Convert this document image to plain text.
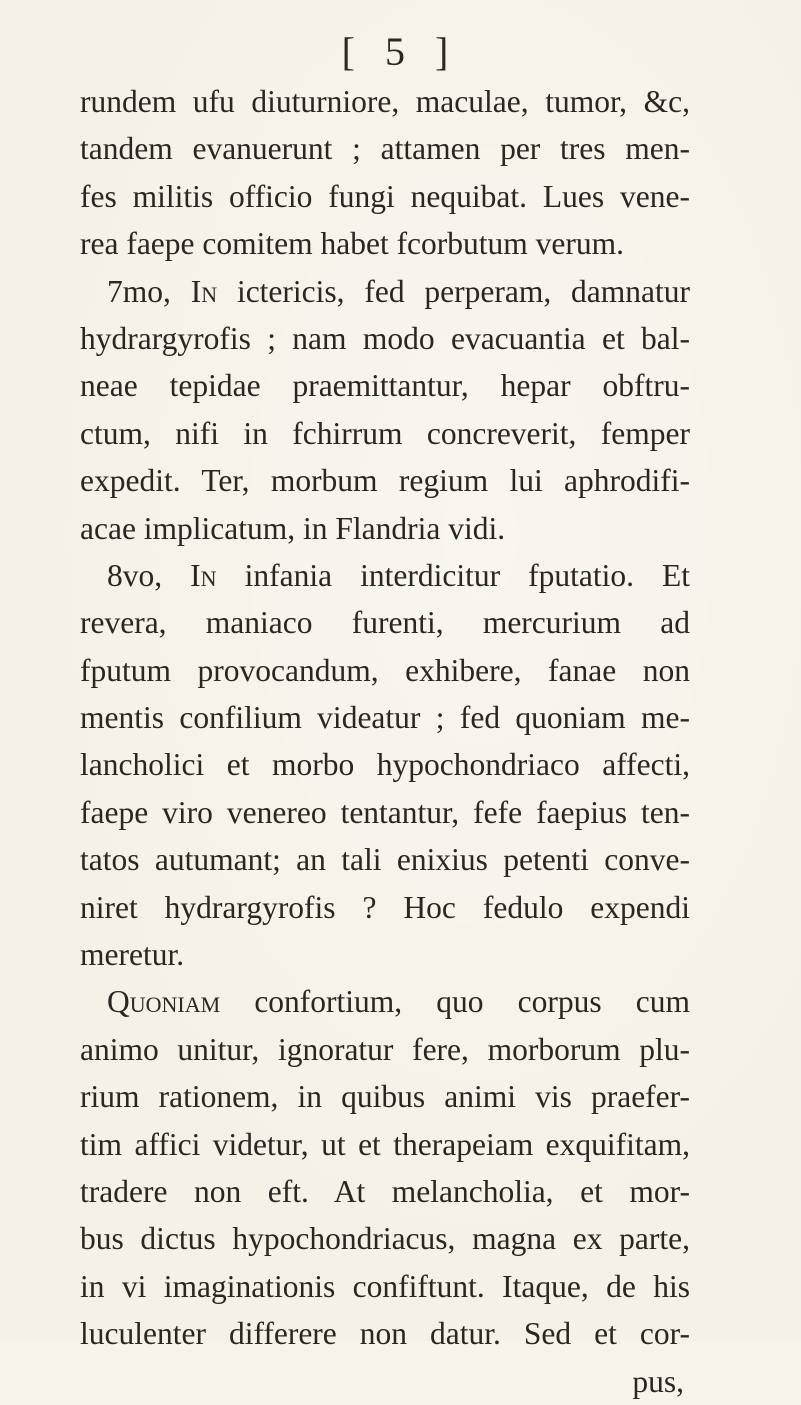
[ 5 ]
rundem ufu diuturniore, maculae, tumor, &c,
tandem evanuerunt ; attamen per tres men-
fes militis officio fungi nequibat. Lues vene-
rea faepe comitem habet fcorbutum verum.
7mo, In ictericis, fed perperam, damnatur
hydrargyrofis ; nam modo evacuantia et bal-
neae tepidae praemittantur, hepar obftru-
ctum, nifi in fchirrum concreverit, femper
expedit. Ter, morbum regium lui aphrodifi-
acae implicatum, in Flandria vidi.
8vo, In infania interdicitur fputatio. Et
revera, maniaco furenti, mercurium ad
fputum provocandum, exhibere, fanae non
mentis confilium videatur ; fed quoniam me-
lancholici et morbo hypochondriaco affecti,
faepe viro venereo tentantur, fefe faepius ten-
tatos autumant; an tali enixius petenti conve-
niret hydrargyrofis ? Hoc fedulo expendi
meretur.
Quoniam confortium, quo corpus cum
animo unitur, ignoratur fere, morborum plu-
rium rationem, in quibus animi vis praefer-
tim affici videtur, ut et therapeiam exquifitam,
tradere non eft. At melancholia, et mor-
bus dictus hypochondriacus, magna ex parte,
in vi imaginationis confiftunt. Itaque, de his
luculenter differere non datur. Sed et cor-
pus,
